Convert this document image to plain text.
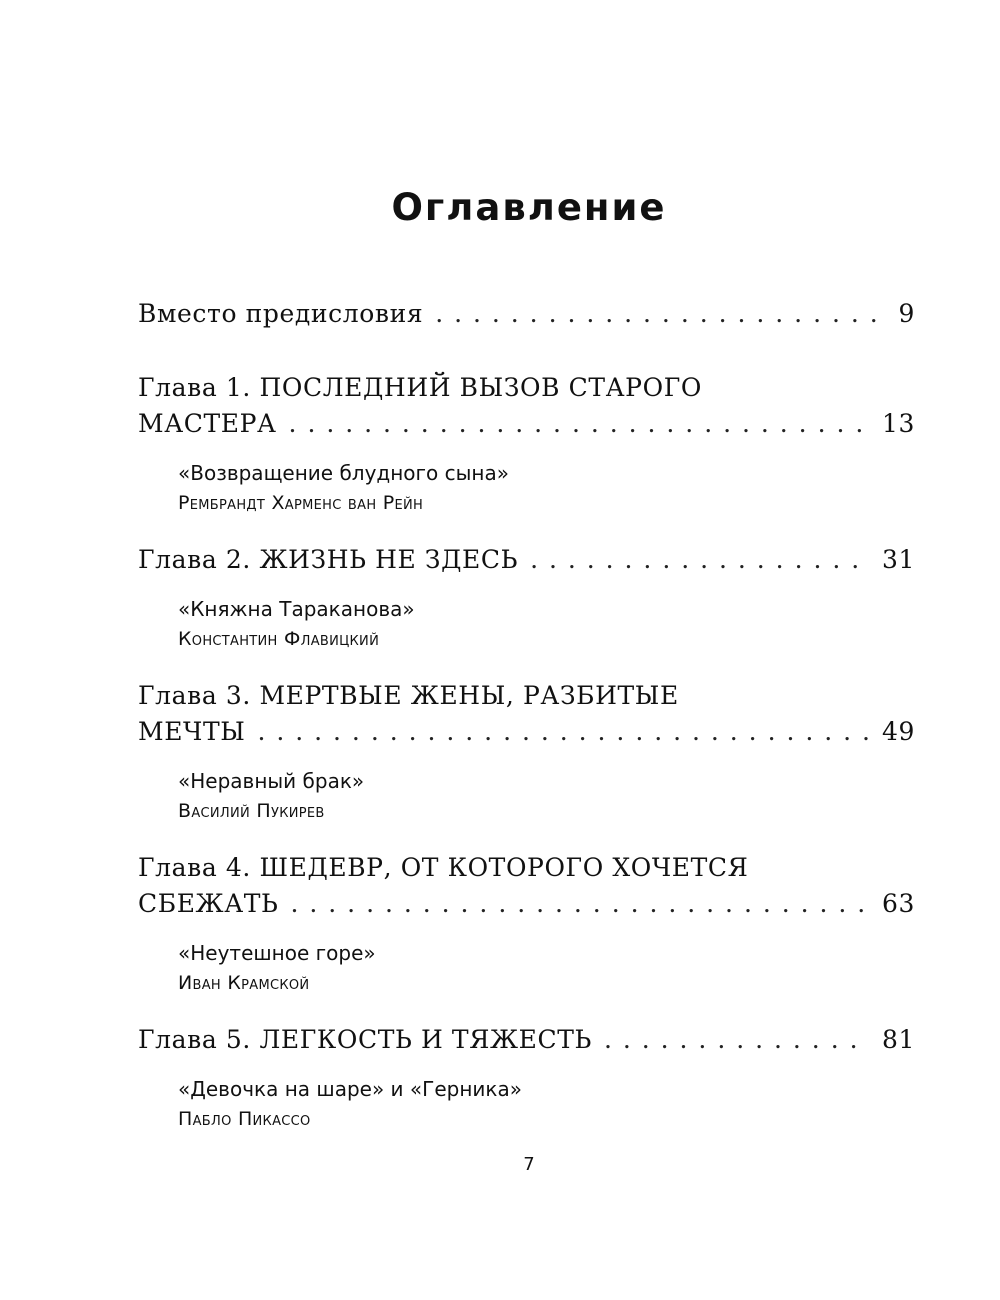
Оглавление
Вместо предисловия . . .	9
Глава 1. ПОСЛЕДНИЙ ВЫЗОВ СТАРОГО
МАСТЕРА . . .	13
«Возвращение блудного сына»
Рембрандт Харменс ван Рейн
Глава 2. ЖИЗНЬ НЕ ЗДЕСЬ . . .	31
«Княжна Тараканова»
Константин Флавицкий
Глава 3. МЕРТВЫЕ ЖЕНЫ, РАЗБИТЫЕ
МЕЧТЫ . . .	49
«Неравный брак»
Василий Пукирев
Глава 4. ШЕДЕВР, ОТ КОТОРОГО ХОЧЕТСЯ
СБЕЖАТЬ . . .	63
«Неутешное горе»
Иван Крамской
Глава 5. ЛЕГКОСТЬ И ТЯЖЕСТЬ . . .	81
«Девочка на шаре» и «Герника»
Пабло Пикассо
7
